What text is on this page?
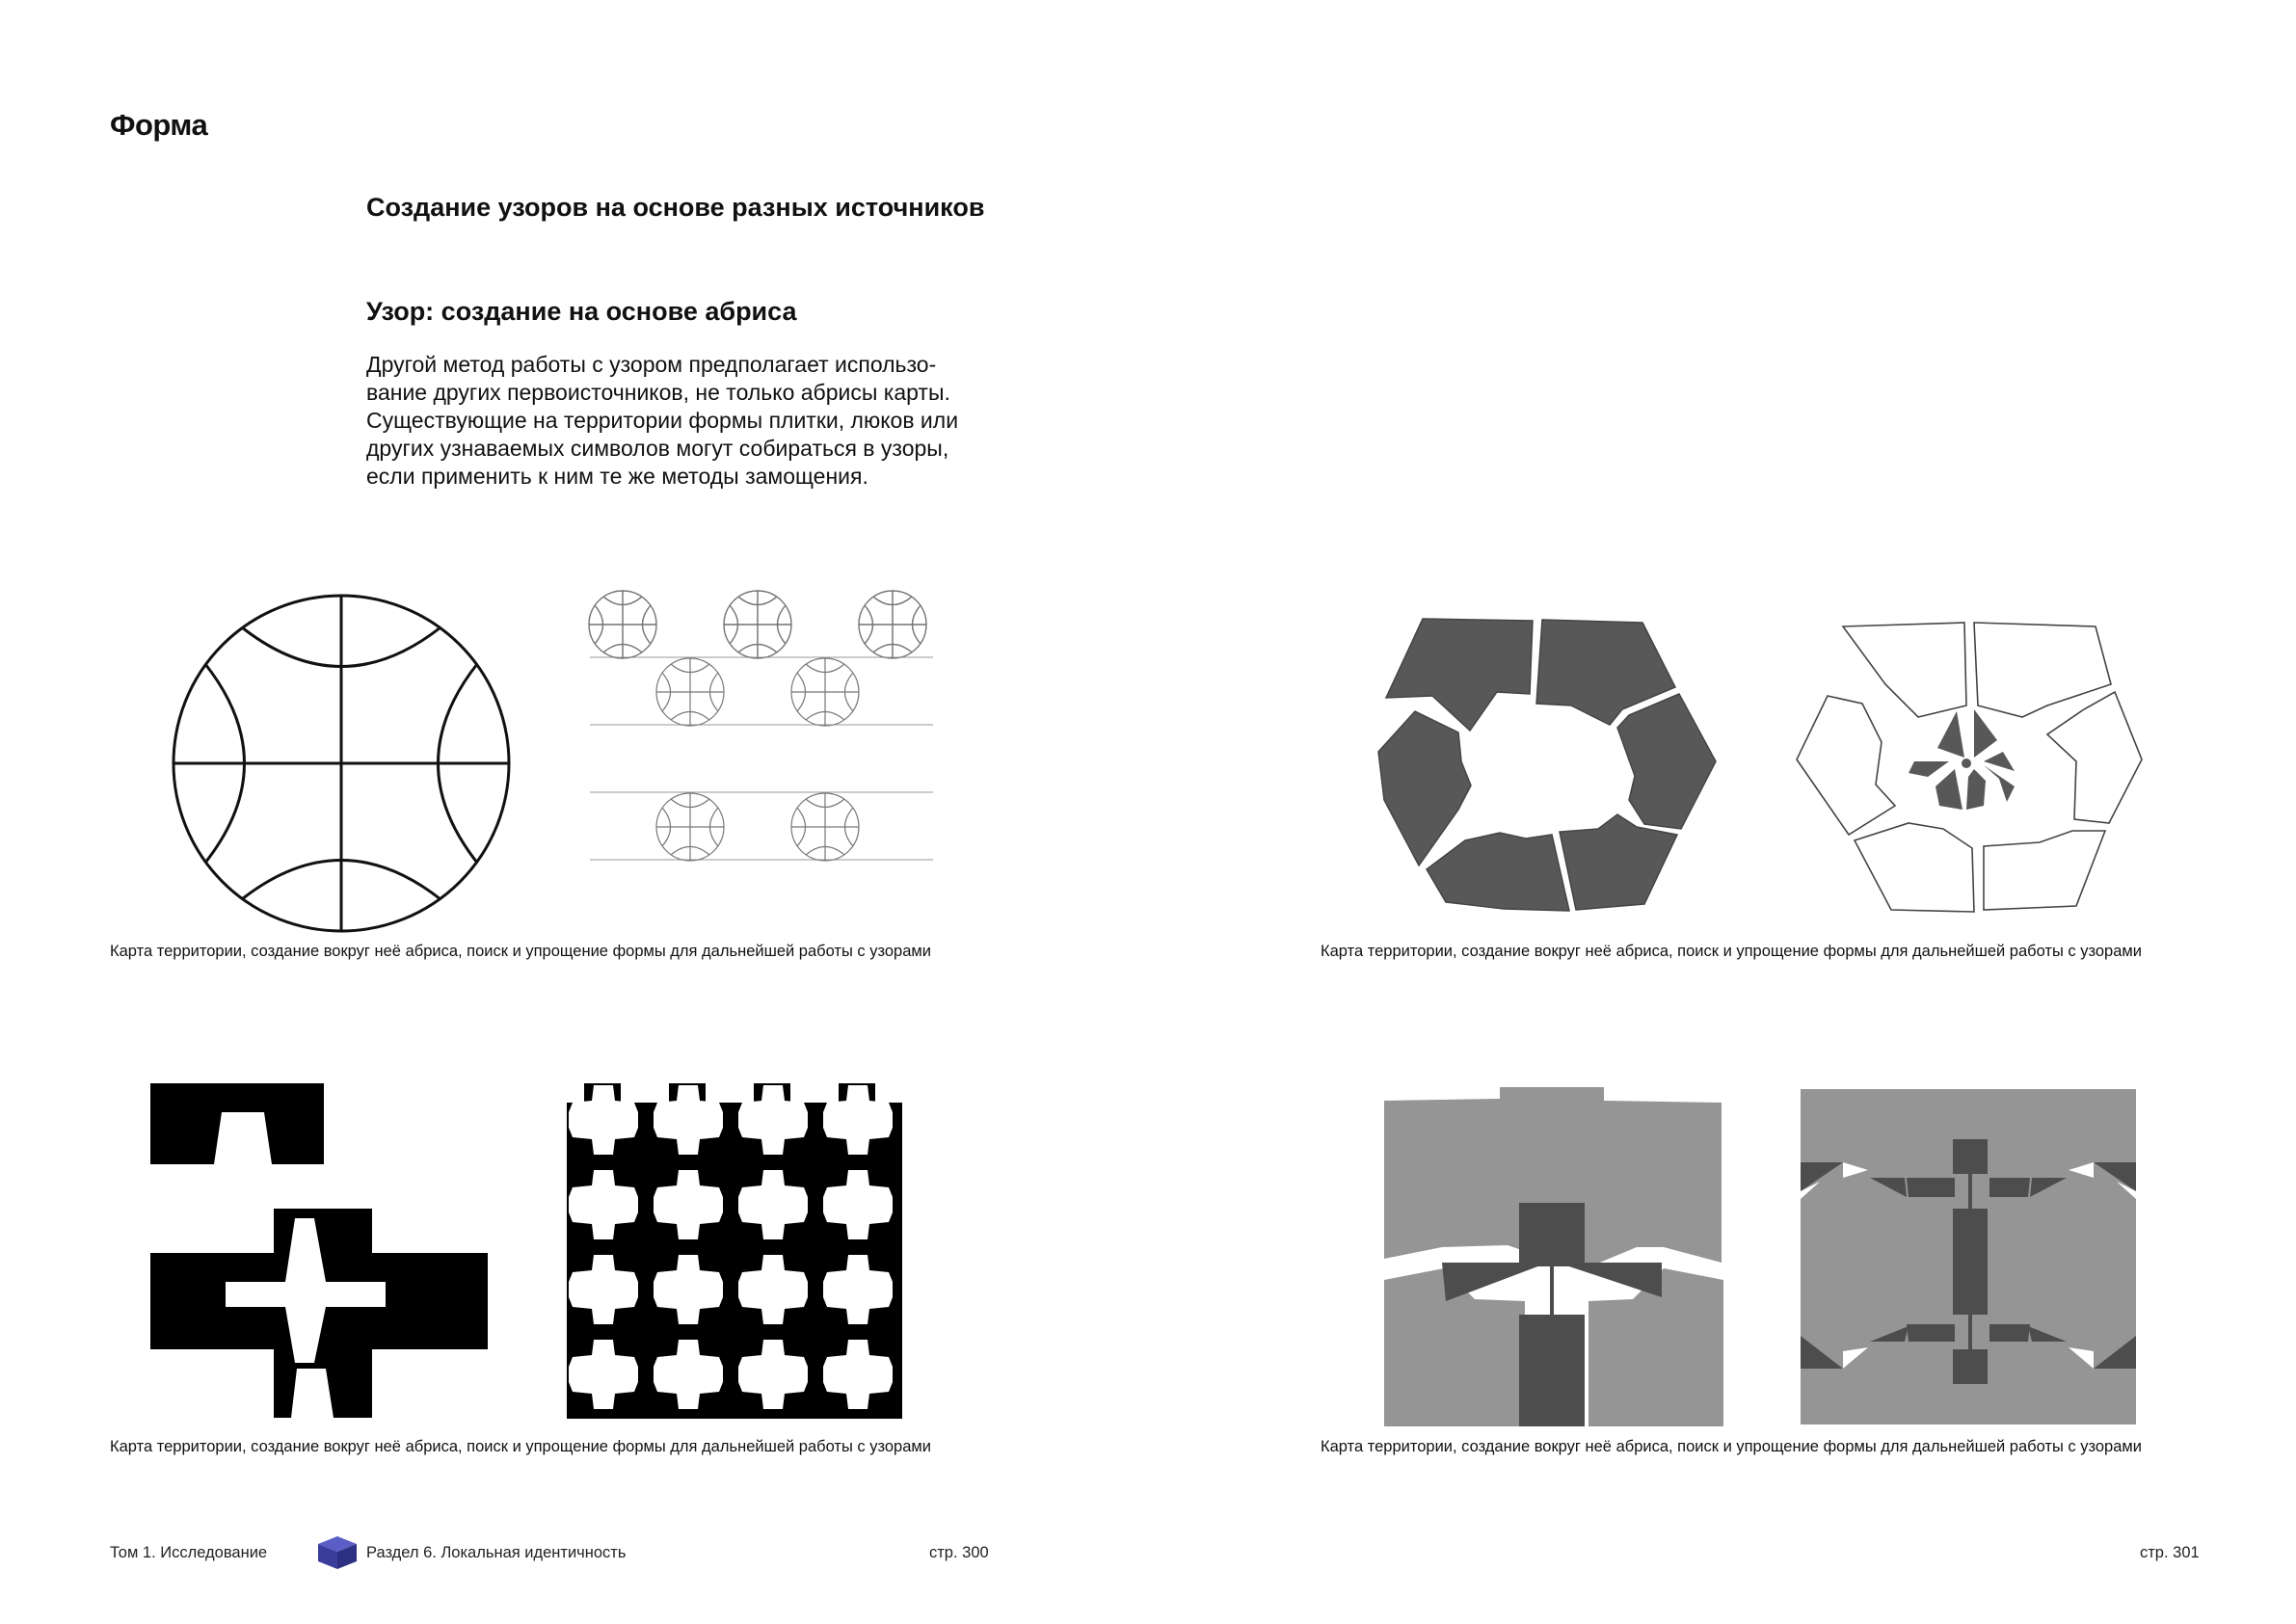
Форма
Создание узоров на основе разных источников
Узор: создание на основе абриса

Другой метод работы с узором предполагает использо-
вание других первоисточников, не только абрисы карты.
Существующие на территории формы плитки, люков или
других узнаваемых символов могут собираться в узоры,
если применить к ним те же методы замощения.

Карта территории, создание вокруг неё абриса, поиск и упрощение формы для дальнейшей работы с узорами	Карта территории, создание вокруг неё абриса, поиск и упрощение формы для дальнейшей работы с узорами

Карта территории, создание вокруг неё абриса, поиск и упрощение формы для дальнейшей работы с узорами	Карта территории, создание вокруг неё абриса, поиск и упрощение формы для дальнейшей работы с узорами

Том 1. Исследование	Раздел 6. Локальная идентичность	стр. 300	стр. 301
